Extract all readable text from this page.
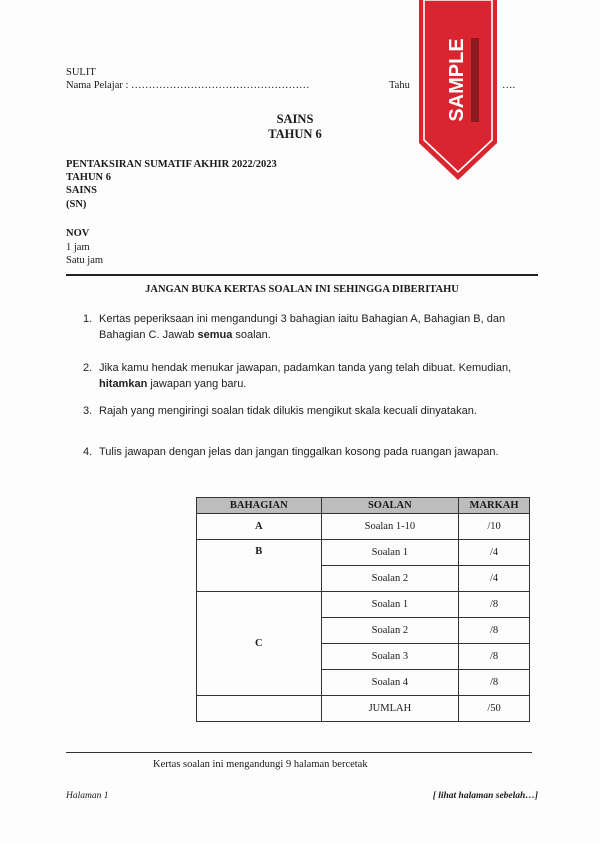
SULIT
Nama Pelajar : ……………………………………………	Tahu	….
SAINS
TAHUN 6
PENTAKSIRAN SUMATIF AKHIR 2022/2023
TAHUN 6
SAINS
(SN)
NOV
1 jam
Satu jam
JANGAN BUKA KERTAS SOALAN INI SEHINGGA DIBERITAHU
1. Kertas peperiksaan ini mengandungi 3 bahagian iaitu Bahagian A, Bahagian B, dan Bahagian C. Jawab semua soalan.
2. Jika kamu hendak menukar jawapan, padamkan tanda yang telah dibuat. Kemudian, hitamkan jawapan yang baru.
3. Rajah yang mengiringi soalan tidak dilukis mengikut skala kecuali dinyatakan.
4. Tulis jawapan dengan jelas dan jangan tinggalkan kosong pada ruangan jawapan.
BAHAGIAN	SOALAN	MARKAH
A	Soalan 1-10	/10
B	Soalan 1	/4
	Soalan 2	/4
C	Soalan 1	/8
	Soalan 2	/8
	Soalan 3	/8
	Soalan 4	/8
	JUMLAH	/50
Kertas soalan ini mengandungi 9 halaman bercetak
Halaman 1	[ lihat halaman sebelah…]
SAMPLE
